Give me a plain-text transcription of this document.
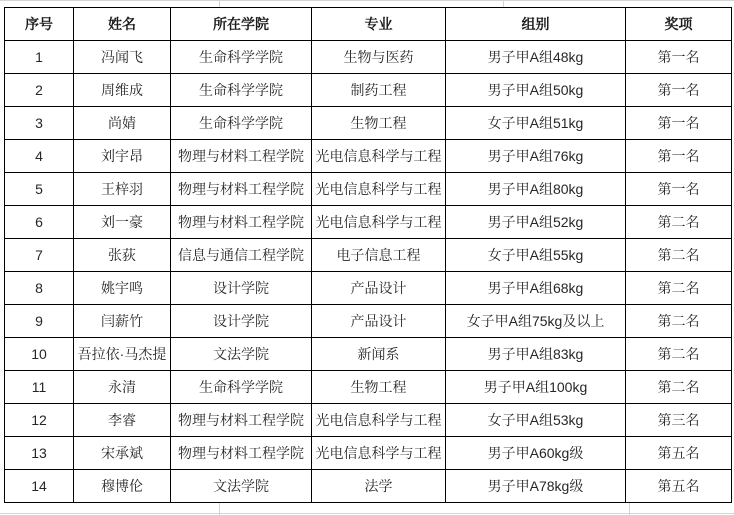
序号	姓名	所在学院	专业	组别	奖项
1	冯闻飞	生命科学学院	生物与医药	男子甲A组48kg	第一名
2	周维成	生命科学学院	制药工程	男子甲A组50kg	第一名
3	尚婧	生命科学学院	生物工程	女子甲A组51kg	第一名
4	刘宇昂	物理与材料工程学院	光电信息科学与工程	男子甲A组76kg	第一名
5	王梓羽	物理与材料工程学院	光电信息科学与工程	男子甲A组80kg	第一名
6	刘一豪	物理与材料工程学院	光电信息科学与工程	男子甲A组52kg	第二名
7	张荻	信息与通信工程学院	电子信息工程	女子甲A组55kg	第二名
8	姚宇鸣	设计学院	产品设计	男子甲A组68kg	第二名
9	闫薪竹	设计学院	产品设计	女子甲A组75kg及以上	第二名
10	吾拉依·马杰提	文法学院	新闻系	男子甲A组83kg	第二名
11	永清	生命科学学院	生物工程	男子甲A组100kg	第二名
12	李睿	物理与材料工程学院	光电信息科学与工程	女子甲A组53kg	第三名
13	宋承斌	物理与材料工程学院	光电信息科学与工程	男子甲A60kg级	第五名
14	穆博伦	文法学院	法学	男子甲A78kg级	第五名
